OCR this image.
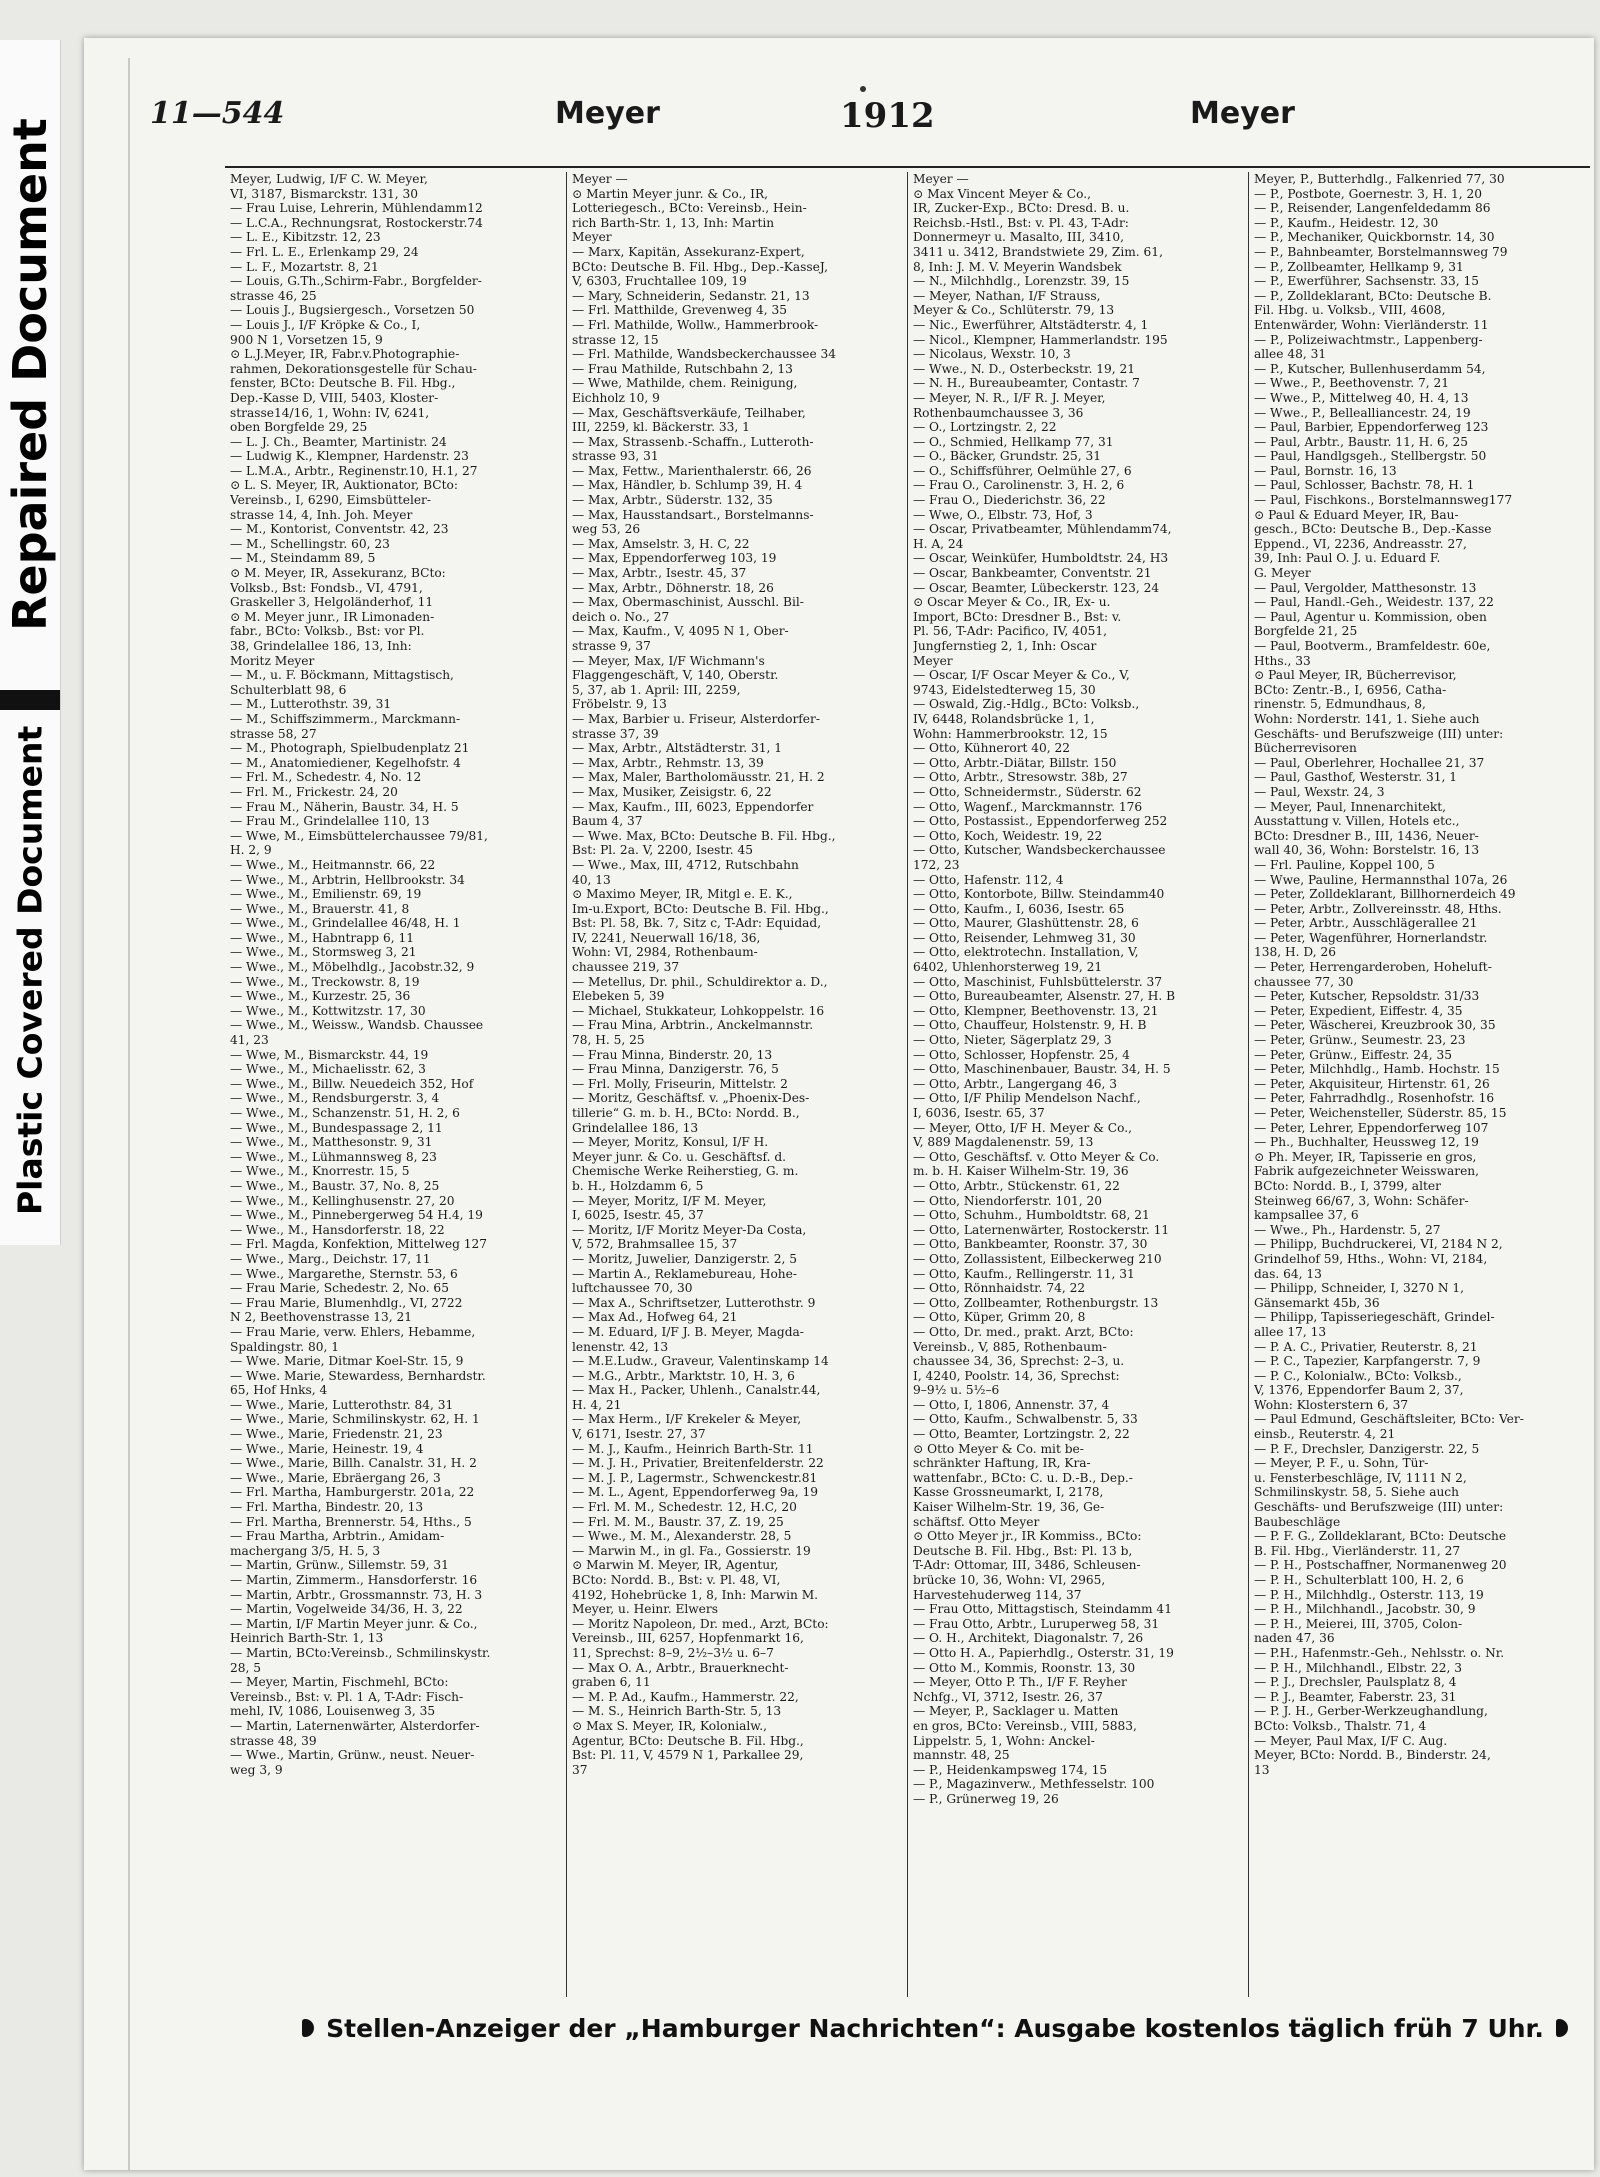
Repaired Document
Plastic Covered Document
11—544	Meyer	1912	Meyer
Meyer, Ludwig, I/F C. W. Meyer,
VI, 3187, Bismarckstr. 131, 30
— Frau Luise, Lehrerin, Mühlendamm12
— L.C.A., Rechnungsrat, Rostockerstr.74
— L. E., Kibitzstr. 12, 23
— Frl. L. E., Erlenkamp 29, 24
— L. F., Mozartstr. 8, 21
— Louis, G.Th.,Schirm-Fabr., Borgfelder-
strasse 46, 25
— Louis J., Bugsiergesch., Vorsetzen 50
— Louis J., I/F Kröpke & Co., I,
900 N 1, Vorsetzen 15, 9
⊙ L.J.Meyer, IR, Fabr.v.Photographie-
rahmen, Dekorationsgestelle für Schau-
fenster, BCto: Deutsche B. Fil. Hbg.,
Dep.-Kasse D, VIII, 5403, Kloster-
strasse14/16, 1, Wohn: IV, 6241,
oben Borgfelde 29, 25
— L. J. Ch., Beamter, Martinistr. 24
— Ludwig K., Klempner, Hardenstr. 23
— L.M.A., Arbtr., Reginenstr.10, H.1, 27
⊙ L. S. Meyer, IR, Auktionator, BCto:
Vereinsb., I, 6290, Eimsbütteler-
strasse 14, 4, Inh. Joh. Meyer
— M., Kontorist, Conventstr. 42, 23
— M., Schellingstr. 60, 23
— M., Steindamm 89, 5
⊙ M. Meyer, IR, Assekuranz, BCto:
Volksb., Bst: Fondsb., VI, 4791,
Graskeller 3, Helgoländerhof, 11
⊙ M. Meyer junr., IR Limonaden-
fabr., BCto: Volksb., Bst: vor Pl.
38, Grindelallee 186, 13, Inh:
Moritz Meyer
— M., u. F. Böckmann, Mittagstisch,
Schulterblatt 98, 6
— M., Lutterothstr. 39, 31
— M., Schiffszimmerm., Marckmann-
strasse 58, 27
— M., Photograph, Spielbudenplatz 21
— M., Anatomiediener, Kegelhofstr. 4
— Frl. M., Schedestr. 4, No. 12
— Frl. M., Frickestr. 24, 20
— Frau M., Näherin, Baustr. 34, H. 5
— Frau M., Grindelallee 110, 13
— Wwe, M., Eimsbüttelerchaussee 79/81,
H. 2, 9
— Wwe., M., Heitmannstr. 66, 22
— Wwe., M., Arbtrin, Hellbrookstr. 34
— Wwe., M., Emilienstr. 69, 19
— Wwe., M., Brauerstr. 41, 8
— Wwe., M., Grindelallee 46/48, H. 1
— Wwe., M., Habntrapp 6, 11
— Wwe., M., Stormsweg 3, 21
— Wwe., M., Möbelhdlg., Jacobstr.32, 9
— Wwe., M., Treckowstr. 8, 19
— Wwe., M., Kurzestr. 25, 36
— Wwe., M., Kottwitzstr. 17, 30
— Wwe., M., Weissw., Wandsb. Chaussee
41, 23
— Wwe, M., Bismarckstr. 44, 19
— Wwe., M., Michaelisstr. 62, 3
— Wwe., M., Billw. Neuedeich 352, Hof
— Wwe., M., Rendsburgerstr. 3, 4
— Wwe., M., Schanzenstr. 51, H. 2, 6
— Wwe., M., Bundespassage 2, 11
— Wwe., M., Matthesonstr. 9, 31
— Wwe., M., Lühmannsweg 8, 23
— Wwe., M., Knorrestr. 15, 5
— Wwe., M., Baustr. 37, No. 8, 25
— Wwe., M., Kellinghusenstr. 27, 20
— Wwe., M., Pinnebergerweg 54 H.4, 19
— Wwe., M., Hansdorferstr. 18, 22
— Frl. Magda, Konfektion, Mittelweg 127
— Wwe., Marg., Deichstr. 17, 11
— Wwe., Margarethe, Sternstr. 53, 6
— Frau Marie, Schedestr. 2, No. 65
— Frau Marie, Blumenhdlg., VI, 2722
N 2, Beethovenstrasse 13, 21
— Frau Marie, verw. Ehlers, Hebamme,
Spaldingstr. 80, 1
— Wwe. Marie, Ditmar Koel-Str. 15, 9
— Wwe. Marie, Stewardess, Bernhardstr.
65, Hof Hnks, 4
— Wwe., Marie, Lutterothstr. 84, 31
— Wwe., Marie, Schmilinskystr. 62, H. 1
— Wwe., Marie, Friedenstr. 21, 23
— Wwe., Marie, Heinestr. 19, 4
— Wwe., Marie, Billh. Canalstr. 31, H. 2
— Wwe., Marie, Ebräergang 26, 3
— Frl. Martha, Hamburgerstr. 201a, 22
— Frl. Martha, Bindestr. 20, 13
— Frl. Martha, Brennerstr. 54, Hths., 5
— Frau Martha, Arbtrin., Amidam-
machergang 3/5, H. 5, 3
— Martin, Grünw., Sillemstr. 59, 31
— Martin, Zimmerm., Hansdorferstr. 16
— Martin, Arbtr., Grossmannstr. 73, H. 3
— Martin, Vogelweide 34/36, H. 3, 22
— Martin, I/F Martin Meyer junr. & Co.,
Heinrich Barth-Str. 1, 13
— Martin, BCto:Vereinsb., Schmilinskystr.
28, 5
— Meyer, Martin, Fischmehl, BCto:
Vereinsb., Bst: v. Pl. 1 A, T-Adr: Fisch-
mehl, IV, 1086, Louisenweg 3, 35
— Martin, Laternenwärter, Alsterdorfer-
strasse 48, 39
— Wwe., Martin, Grünw., neust. Neuer-
weg 3, 9
Meyer —
⊙ Martin Meyer junr. & Co., IR,
Lotteriegesch., BCto: Vereinsb., Hein-
rich Barth-Str. 1, 13, Inh: Martin
Meyer
— Marx, Kapitän, Assekuranz-Expert,
BCto: Deutsche B. Fil. Hbg., Dep.-KasseJ,
V, 6303, Fruchtallee 109, 19
— Mary, Schneiderin, Sedanstr. 21, 13
— Frl. Matthilde, Grevenweg 4, 35
— Frl. Mathilde, Wollw., Hammerbrook-
strasse 12, 15
— Frl. Mathilde, Wandsbeckerchaussee 34
— Frau Mathilde, Rutschbahn 2, 13
— Wwe, Mathilde, chem. Reinigung,
Eichholz 10, 9
— Max, Geschäftsverkäufe, Teilhaber,
III, 2259, kl. Bäckerstr. 33, 1
— Max, Strassenb.-Schaffn., Lutteroth-
strasse 93, 31
— Max, Fettw., Marienthalerstr. 66, 26
— Max, Händler, b. Schlump 39, H. 4
— Max, Arbtr., Süderstr. 132, 35
— Max, Hausstandsart., Borstelmanns-
weg 53, 26
— Max, Amselstr. 3, H. C, 22
— Max, Eppendorferweg 103, 19
— Max, Arbtr., Isestr. 45, 37
— Max, Arbtr., Döhnerstr. 18, 26
— Max, Obermaschinist, Ausschl. Bil-
deich o. No., 27
— Max, Kaufm., V, 4095 N 1, Ober-
strasse 9, 37
— Meyer, Max, I/F Wichmann's
Flaggengeschäft, V, 140, Oberstr.
5, 37, ab 1. April: III, 2259,
Fröbelstr. 9, 13
— Max, Barbier u. Friseur, Alsterdorfer-
strasse 37, 39
— Max, Arbtr., Altstädterstr. 31, 1
— Max, Arbtr., Rehmstr. 13, 39
— Max, Maler, Bartholomäusstr. 21, H. 2
— Max, Musiker, Zeisigstr. 6, 22
— Max, Kaufm., III, 6023, Eppendorfer
Baum 4, 37
— Wwe. Max, BCto: Deutsche B. Fil. Hbg.,
Bst: Pl. 2a. V, 2200, Isestr. 45
— Wwe., Max, III, 4712, Rutschbahn
40, 13
⊙ Maximo Meyer, IR, Mitgl e. E. K.,
Im-u.Export, BCto: Deutsche B. Fil. Hbg.,
Bst: Pl. 58, Bk. 7, Sitz c, T-Adr: Equidad,
IV, 2241, Neuerwall 16/18, 36,
Wohn: VI, 2984, Rothenbaum-
chaussee 219, 37
— Metellus, Dr. phil., Schuldirektor a. D.,
Elebeken 5, 39
— Michael, Stukkateur, Lohkoppelstr. 16
— Frau Mina, Arbtrin., Anckelmannstr.
78, H. 5, 25
— Frau Minna, Binderstr. 20, 13
— Frau Minna, Danzigerstr. 76, 5
— Frl. Molly, Friseurin, Mittelstr. 2
— Moritz, Geschäftsf. v. „Phoenix-Des-
tillerie“ G. m. b. H., BCto: Nordd. B.,
Grindelallee 186, 13
— Meyer, Moritz, Konsul, I/F H.
Meyer junr. & Co. u. Geschäftsf. d.
Chemische Werke Reiherstieg, G. m.
b. H., Holzdamm 6, 5
— Meyer, Moritz, I/F M. Meyer,
I, 6025, Isestr. 45, 37
— Moritz, I/F Moritz Meyer-Da Costa,
V, 572, Brahmsallee 15, 37
— Moritz, Juwelier, Danzigerstr. 2, 5
— Martin A., Reklamebureau, Hohe-
luftchaussee 70, 30
— Max A., Schriftsetzer, Lutterothstr. 9
— Max Ad., Hofweg 64, 21
— M. Eduard, I/F J. B. Meyer, Magda-
lenenstr. 42, 13
— M.E.Ludw., Graveur, Valentinskamp 14
— M.G., Arbtr., Marktstr. 10, H. 3, 6
— Max H., Packer, Uhlenh., Canalstr.44,
H. 4, 21
— Max Herm., I/F Krekeler & Meyer,
V, 6171, Isestr. 27, 37
— M. J., Kaufm., Heinrich Barth-Str. 11
— M. J. H., Privatier, Breitenfelderstr. 22
— M. J. P., Lagermstr., Schwenckestr.81
— M. L., Agent, Eppendorferweg 9a, 19
— Frl. M. M., Schedestr. 12, H.C, 20
— Frl. M. M., Baustr. 37, Z. 19, 25
— Wwe., M. M., Alexanderstr. 28, 5
— Marwin M., in gl. Fa., Gossierstr. 19
⊙ Marwin M. Meyer, IR, Agentur,
BCto: Nordd. B., Bst: v. Pl. 48, VI,
4192, Hohebrücke 1, 8, Inh: Marwin M.
Meyer, u. Heinr. Elwers
— Moritz Napoleon, Dr. med., Arzt, BCto:
Vereinsb., III, 6257, Hopfenmarkt 16,
11, Sprechst: 8–9, 2½–3½ u. 6–7
— Max O. A., Arbtr., Brauerknecht-
graben 6, 11
— M. P. Ad., Kaufm., Hammerstr. 22,
— M. S., Heinrich Barth-Str. 5, 13
⊙ Max S. Meyer, IR, Kolonialw.,
Agentur, BCto: Deutsche B. Fil. Hbg.,
Bst: Pl. 11, V, 4579 N 1, Parkallee 29,
37
Meyer —
⊙ Max Vincent Meyer & Co.,
IR, Zucker-Exp., BCto: Dresd. B. u.
Reichsb.-Hstl., Bst: v. Pl. 43, T-Adr:
Donnermeyr u. Masalto, III, 3410,
3411 u. 3412, Brandstwiete 29, Zim. 61,
8, Inh: J. M. V. Meyerin Wandsbek
— N., Milchhdlg., Lorenzstr. 39, 15
— Meyer, Nathan, I/F Strauss,
Meyer & Co., Schlüterstr. 79, 13
— Nic., Ewerführer, Altstädterstr. 4, 1
— Nicol., Klempner, Hammerlandstr. 195
— Nicolaus, Wexstr. 10, 3
— Wwe., N. D., Osterbeckstr. 19, 21
— N. H., Bureaubeamter, Contastr. 7
— Meyer, N. R., I/F R. J. Meyer,
Rothenbaumchaussee 3, 36
— O., Lortzingstr. 2, 22
— O., Schmied, Hellkamp 77, 31
— O., Bäcker, Grundstr. 25, 31
— O., Schiffsführer, Oelmühle 27, 6
— Frau O., Carolinenstr. 3, H. 2, 6
— Frau O., Diederichstr. 36, 22
— Wwe, O., Elbstr. 73, Hof, 3
— Oscar, Privatbeamter, Mühlendamm74,
H. A, 24
— Oscar, Weinküfer, Humboldtstr. 24, H3
— Oscar, Bankbeamter, Conventstr. 21
— Oscar, Beamter, Lübeckerstr. 123, 24
⊙ Oscar Meyer & Co., IR, Ex- u.
Import, BCto: Dresdner B., Bst: v.
Pl. 56, T-Adr: Pacifico, IV, 4051,
Jungfernstieg 2, 1, Inh: Oscar
Meyer
— Oscar, I/F Oscar Meyer & Co., V,
9743, Eidelstedterweg 15, 30
— Oswald, Zig.-Hdlg., BCto: Volksb.,
IV, 6448, Rolandsbrücke 1, 1,
Wohn: Hammerbrookstr. 12, 15
— Otto, Kühnerort 40, 22
— Otto, Arbtr.-Diätar, Billstr. 150
— Otto, Arbtr., Stresowstr. 38b, 27
— Otto, Schneidermstr., Süderstr. 62
— Otto, Wagenf., Marckmannstr. 176
— Otto, Postassist., Eppendorferweg 252
— Otto, Koch, Weidestr. 19, 22
— Otto, Kutscher, Wandsbeckerchaussee
172, 23
— Otto, Hafenstr. 112, 4
— Otto, Kontorbote, Billw. Steindamm40
— Otto, Kaufm., I, 6036, Isestr. 65
— Otto, Maurer, Glashüttenstr. 28, 6
— Otto, Reisender, Lehmweg 31, 30
— Otto, elektrotechn. Installation, V,
6402, Uhlenhorsterweg 19, 21
— Otto, Maschinist, Fuhlsbüttelerstr. 37
— Otto, Bureaubeamter, Alsenstr. 27, H. B
— Otto, Klempner, Beethovenstr. 13, 21
— Otto, Chauffeur, Holstenstr. 9, H. B
— Otto, Nieter, Sägerplatz 29, 3
— Otto, Schlosser, Hopfenstr. 25, 4
— Otto, Maschinenbauer, Baustr. 34, H. 5
— Otto, Arbtr., Langergang 46, 3
— Otto, I/F Philip Mendelson Nachf.,
I, 6036, Isestr. 65, 37
— Meyer, Otto, I/F H. Meyer & Co.,
V, 889 Magdalenenstr. 59, 13
— Otto, Geschäftsf. v. Otto Meyer & Co.
m. b. H. Kaiser Wilhelm-Str. 19, 36
— Otto, Arbtr., Stückenstr. 61, 22
— Otto, Niendorferstr. 101, 20
— Otto, Schuhm., Humboldtstr. 68, 21
— Otto, Laternenwärter, Rostockerstr. 11
— Otto, Bankbeamter, Roonstr. 37, 30
— Otto, Zollassistent, Eilbeckerweg 210
— Otto, Kaufm., Rellingerstr. 11, 31
— Otto, Rönnhaidstr. 74, 22
— Otto, Zollbeamter, Rothenburgstr. 13
— Otto, Küper, Grimm 20, 8
— Otto, Dr. med., prakt. Arzt, BCto:
Vereinsb., V, 885, Rothenbaum-
chaussee 34, 36, Sprechst: 2–3, u.
I, 4240, Poolstr. 14, 36, Sprechst:
9–9½ u. 5½–6
— Otto, I, 1806, Annenstr. 37, 4
— Otto, Kaufm., Schwalbenstr. 5, 33
— Otto, Beamter, Lortzingstr. 2, 22
⊙ Otto Meyer & Co. mit be-
schränkter Haftung, IR, Kra-
wattenfabr., BCto: C. u. D.-B., Dep.-
Kasse Grossneumarkt, I, 2178,
Kaiser Wilhelm-Str. 19, 36, Ge-
schäftsf. Otto Meyer
⊙ Otto Meyer jr., IR Kommiss., BCto:
Deutsche B. Fil. Hbg., Bst: Pl. 13 b,
T-Adr: Ottomar, III, 3486, Schleusen-
brücke 10, 36, Wohn: VI, 2965,
Harvestehuderweg 114, 37
— Frau Otto, Mittagstisch, Steindamm 41
— Frau Otto, Arbtr., Luruperweg 58, 31
— O. H., Architekt, Diagonalstr. 7, 26
— Otto H. A., Papierhdlg., Osterstr. 31, 19
— Otto M., Kommis, Roonstr. 13, 30
— Meyer, Otto P. Th., I/F F. Reyher
Nchfg., VI, 3712, Isestr. 26, 37
— Meyer, P., Sacklager u. Matten
en gros, BCto: Vereinsb., VIII, 5883,
Lippelstr. 5, 1, Wohn: Anckel-
mannstr. 48, 25
— P., Heidenkampsweg 174, 15
— P., Magazinverw., Methfesselstr. 100
— P., Grünerweg 19, 26
Meyer, P., Butterhdlg., Falkenried 77, 30
— P., Postbote, Goernestr. 3, H. 1, 20
— P., Reisender, Langenfeldedamm 86
— P., Kaufm., Heidestr. 12, 30
— P., Mechaniker, Quickbornstr. 14, 30
— P., Bahnbeamter, Borstelmannsweg 79
— P., Zollbeamter, Hellkamp 9, 31
— P., Ewerführer, Sachsenstr. 33, 15
— P., Zolldeklarant, BCto: Deutsche B.
Fil. Hbg. u. Volksb., VIII, 4608,
Entenwärder, Wohn: Vierländerstr. 11
— P., Polizeiwachtmstr., Lappenberg-
allee 48, 31
— P., Kutscher, Bullenhuserdamm 54,
— Wwe., P., Beethovenstr. 7, 21
— Wwe., P., Mittelweg 40, H. 4, 13
— Wwe., P., Bellealliancestr. 24, 19
— Paul, Barbier, Eppendorferweg 123
— Paul, Arbtr., Baustr. 11, H. 6, 25
— Paul, Handlgsgeh., Stellbergstr. 50
— Paul, Bornstr. 16, 13
— Paul, Schlosser, Bachstr. 78, H. 1
— Paul, Fischkons., Borstelmannsweg177
⊙ Paul & Eduard Meyer, IR, Bau-
gesch., BCto: Deutsche B., Dep.-Kasse
Eppend., VI, 2236, Andreasstr. 27,
39, Inh: Paul O. J. u. Eduard F.
G. Meyer
— Paul, Vergolder, Matthesonstr. 13
— Paul, Handl.-Geh., Weidestr. 137, 22
— Paul, Agentur u. Kommission, oben
Borgfelde 21, 25
— Paul, Bootverm., Bramfeldestr. 60e,
Hths., 33
⊙ Paul Meyer, IR, Bücherrevisor,
BCto: Zentr.-B., I, 6956, Catha-
rinenstr. 5, Edmundhaus, 8,
Wohn: Norderstr. 141, 1. Siehe auch
Geschäfts- und Berufszweige (III) unter:
Bücherrevisoren
— Paul, Oberlehrer, Hochallee 21, 37
— Paul, Gasthof, Westerstr. 31, 1
— Paul, Wexstr. 24, 3
— Meyer, Paul, Innenarchitekt,
Ausstattung v. Villen, Hotels etc.,
BCto: Dresdner B., III, 1436, Neuer-
wall 40, 36, Wohn: Borstelstr. 16, 13
— Frl. Pauline, Koppel 100, 5
— Wwe, Pauline, Hermannsthal 107a, 26
— Peter, Zolldeklarant, Billhornerdeich 49
— Peter, Arbtr., Zollvereinsstr. 48, Hths.
— Peter, Arbtr., Ausschlägerallee 21
— Peter, Wagenführer, Hornerlandstr.
138, H. D, 26
— Peter, Herrengarderoben, Hoheluft-
chaussee 77, 30
— Peter, Kutscher, Repsoldstr. 31/33
— Peter, Expedient, Eiffestr. 4, 35
— Peter, Wäscherei, Kreuzbrook 30, 35
— Peter, Grünw., Seumestr. 23, 23
— Peter, Grünw., Eiffestr. 24, 35
— Peter, Milchhdlg., Hamb. Hochstr. 15
— Peter, Akquisiteur, Hirtenstr. 61, 26
— Peter, Fahrradhdlg., Rosenhofstr. 16
— Peter, Weichensteller, Süderstr. 85, 15
— Peter, Lehrer, Eppendorferweg 107
— Ph., Buchhalter, Heussweg 12, 19
⊙ Ph. Meyer, IR, Tapisserie en gros,
Fabrik aufgezeichneter Weisswaren,
BCto: Nordd. B., I, 3799, alter
Steinweg 66/67, 3, Wohn: Schäfer-
kampsallee 37, 6
— Wwe., Ph., Hardenstr. 5, 27
— Philipp, Buchdruckerei, VI, 2184 N 2,
Grindelhof 59, Hths., Wohn: VI, 2184,
das. 64, 13
— Philipp, Schneider, I, 3270 N 1,
Gänsemarkt 45b, 36
— Philipp, Tapisseriegeschäft, Grindel-
allee 17, 13
— P. A. C., Privatier, Reuterstr. 8, 21
— P. C., Tapezier, Karpfangerstr. 7, 9
— P. C., Kolonialw., BCto: Volksb.,
V, 1376, Eppendorfer Baum 2, 37,
Wohn: Klosterstern 6, 37
— Paul Edmund, Geschäftsleiter, BCto: Ver-
einsb., Reuterstr. 4, 21
— P. F., Drechsler, Danzigerstr. 22, 5
— Meyer, P. F., u. Sohn, Tür-
u. Fensterbeschläge, IV, 1111 N 2,
Schmilinskystr. 58, 5. Siehe auch
Geschäfts- und Berufszweige (III) unter:
Baubeschläge
— P. F. G., Zolldeklarant, BCto: Deutsche
B. Fil. Hbg., Vierländerstr. 11, 27
— P. H., Postschaffner, Normanenweg 20
— P. H., Schulterblatt 100, H. 2, 6
— P. H., Milchhdlg., Osterstr. 113, 19
— P. H., Milchhandl., Jacobstr. 30, 9
— P. H., Meierei, III, 3705, Colon-
naden 47, 36
— P.H., Hafenmstr.-Geh., Nehlsstr. o. Nr.
— P. H., Milchhandl., Elbstr. 22, 3
— P. J., Drechsler, Paulsplatz 8, 4
— P. J., Beamter, Faberstr. 23, 31
— P. J. H., Gerber-Werkzeughandlung,
BCto: Volksb., Thalstr. 71, 4
— Meyer, Paul Max, I/F C. Aug.
Meyer, BCto: Nordd. B., Binderstr. 24,
13
Stellen-Anzeiger der „Hamburger Nachrichten“: Ausgabe kostenlos täglich früh 7 Uhr.
